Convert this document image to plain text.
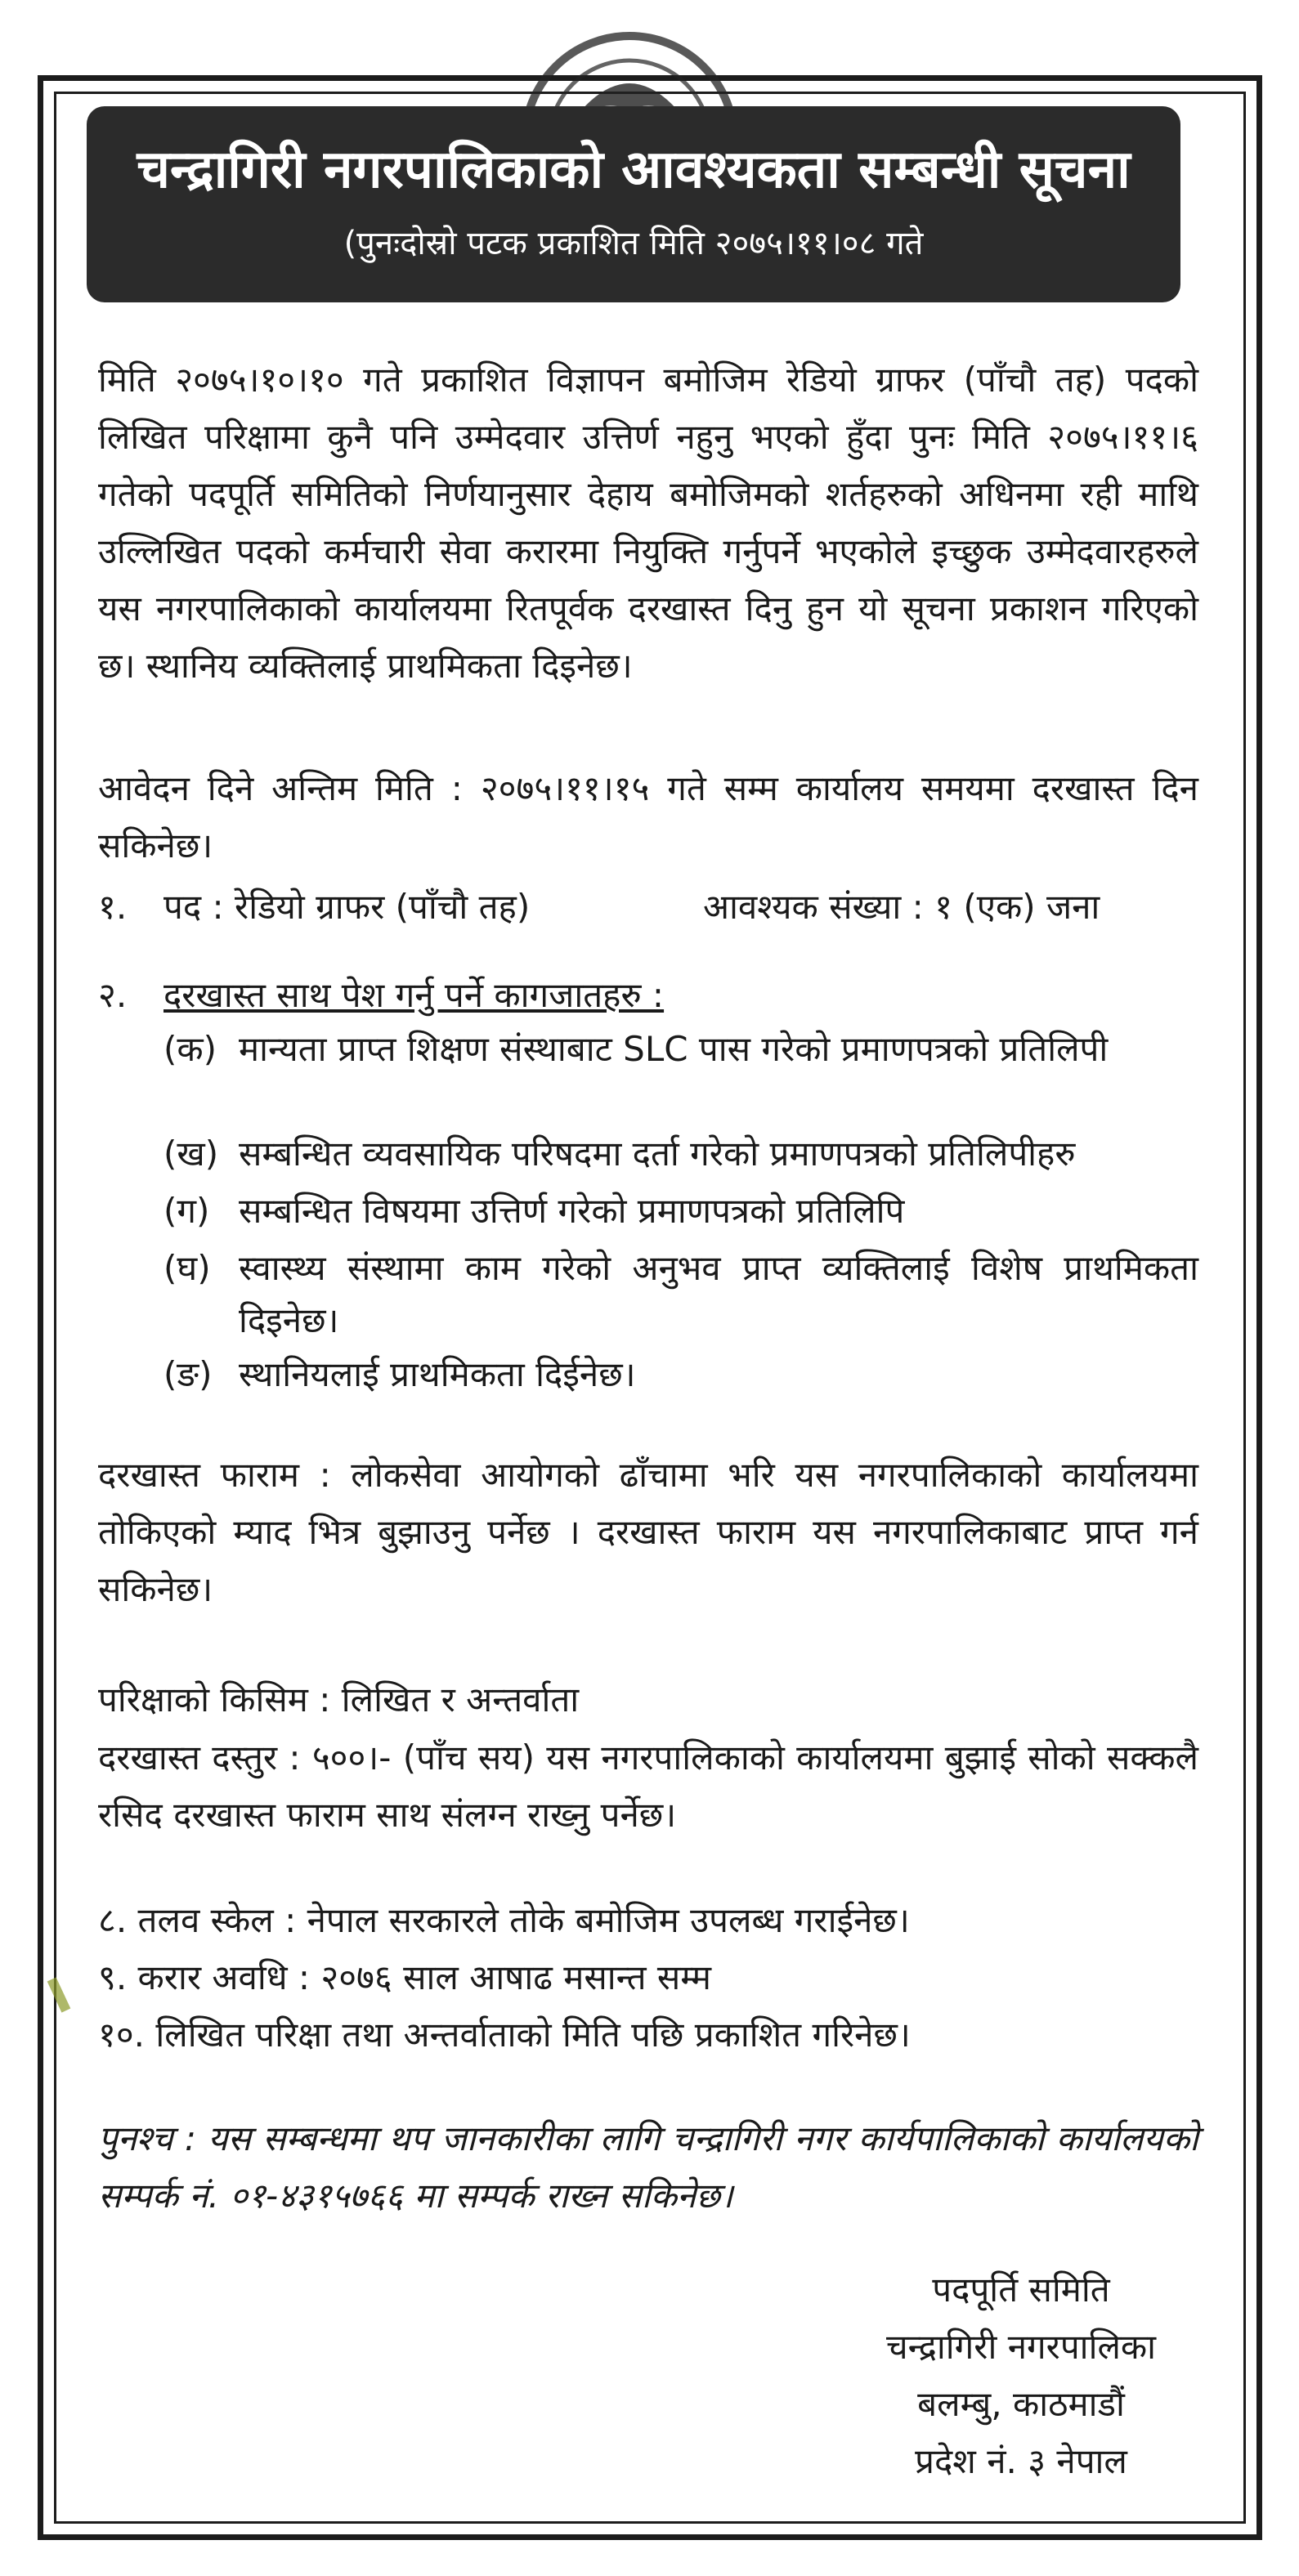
चन्द्रागिरी नगरपालिकाको आवश्यकता सम्बन्धी सूचना
(पुनःदोस्रो पटक प्रकाशित मिति २०७५।११।०८ गते

मिति २०७५।१०।१० गते प्रकाशित विज्ञापन बमोजिम रेडियो ग्राफर (पाँचौ तह) पदको लिखित परिक्षामा कुनै पनि उम्मेदवार उत्तिर्ण नहुनु भएको हुँदा पुनः मिति २०७५।११।६ गतेको पदपूर्ति समितिको निर्णयानुसार देहाय बमोजिमको शर्तहरुको अधिनमा रही माथि उल्लिखित पदको कर्मचारी सेवा करारमा नियुक्ति गर्नुपर्ने भएकोले इच्छुक उम्मेदवारहरुले यस नगरपालिकाको कार्यालयमा रितपूर्वक दरखास्त दिनु हुन यो सूचना प्रकाशन गरिएको छ। स्थानिय व्यक्तिलाई प्राथमिकता दिइनेछ।

आवेदन दिने अन्तिम मिति : २०७५।११।१५ गते सम्म कार्यालय समयमा दरखास्त दिन सकिनेछ।

१. पद : रेडियो ग्राफर (पाँचौ तह)	आवश्यक संख्या : १ (एक) जना
२. दरखास्त साथ पेश गर्नु पर्ने कागजातहरु :
(क) मान्यता प्राप्त शिक्षण संस्थाबाट SLC पास गरेको प्रमाणपत्रको प्रतिलिपी
(ख) सम्बन्धित व्यवसायिक परिषदमा दर्ता गरेको प्रमाणपत्रको प्रतिलिपीहरु
(ग) सम्बन्धित विषयमा उत्तिर्ण गरेको प्रमाणपत्रको प्रतिलिपि
(घ) स्वास्थ्य संस्थामा काम गरेको अनुभव प्राप्त व्यक्तिलाई विशेष प्राथमिकता दिइनेछ।
(ङ) स्थानियलाई प्राथमिकता दिईनेछ।

दरखास्त फाराम : लोकसेवा आयोगको ढाँचामा भरि यस नगरपालिकाको कार्यालयमा तोकिएको म्याद भित्र बुझाउनु पर्नेछ । दरखास्त फाराम यस नगरपालिकाबाट प्राप्त गर्न सकिनेछ।

परिक्षाको किसिम : लिखित र अन्तर्वाता

दरखास्त दस्तुर : ५००।- (पाँच सय) यस नगरपालिकाको कार्यालयमा बुझाई सोको सक्कलै रसिद दरखास्त फाराम साथ संलग्न राख्नु पर्नेछ।

८. तलव स्केल : नेपाल सरकारले तोके बमोजिम उपलब्ध गराईनेछ।
९. करार अवधि : २०७६ साल आषाढ मसान्त सम्म
१०. लिखित परिक्षा तथा अन्तर्वाताको मिति पछि प्रकाशित गरिनेछ।

पुनश्च : यस सम्बन्धमा थप जानकारीका लागि चन्द्रागिरी नगर कार्यपालिकाको कार्यालयको सम्पर्क नं. ०१-४३१५७६६ मा सम्पर्क राख्न सकिनेछ।

पदपूर्ति समिति
चन्द्रागिरी नगरपालिका
बलम्बु, काठमाडौं
प्रदेश नं. ३ नेपाल
